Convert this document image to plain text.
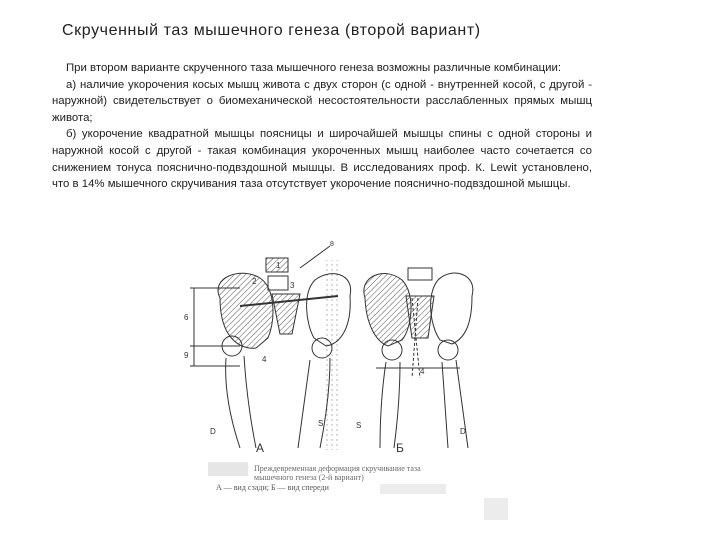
Скрученный таз мышечного генеза (второй вариант)

При втором варианте скрученного таза мышечного генеза возможны различные комбинации:

а) наличие укорочения косых мышц живота с двух сторон (с одной - внутренней косой, с другой - наружной) свидетельствует о биомеханической несостоятельности расслабленных прямых мышц живота;

б) укорочение квадратной мышцы поясницы и широчайшей мышцы спины с одной стороны и наружной косой с другой - такая комбинация укороченных мышц наиболее часто сочетается со снижением тонуса пояснично-подвздошной мышцы. В исследованиях проф. К. Lewit установлено, что в 14% мышечного скручивания таза отсутствует укорочение пояснично-подвздошной мышцы.

8
1
2	3
6
9	4
4
S	S
D	D
А	Б
Преждевременная деформация скручивание таза
мышечного генеза (2-й вариант)
А — вид сзади; Б — вид спереди
